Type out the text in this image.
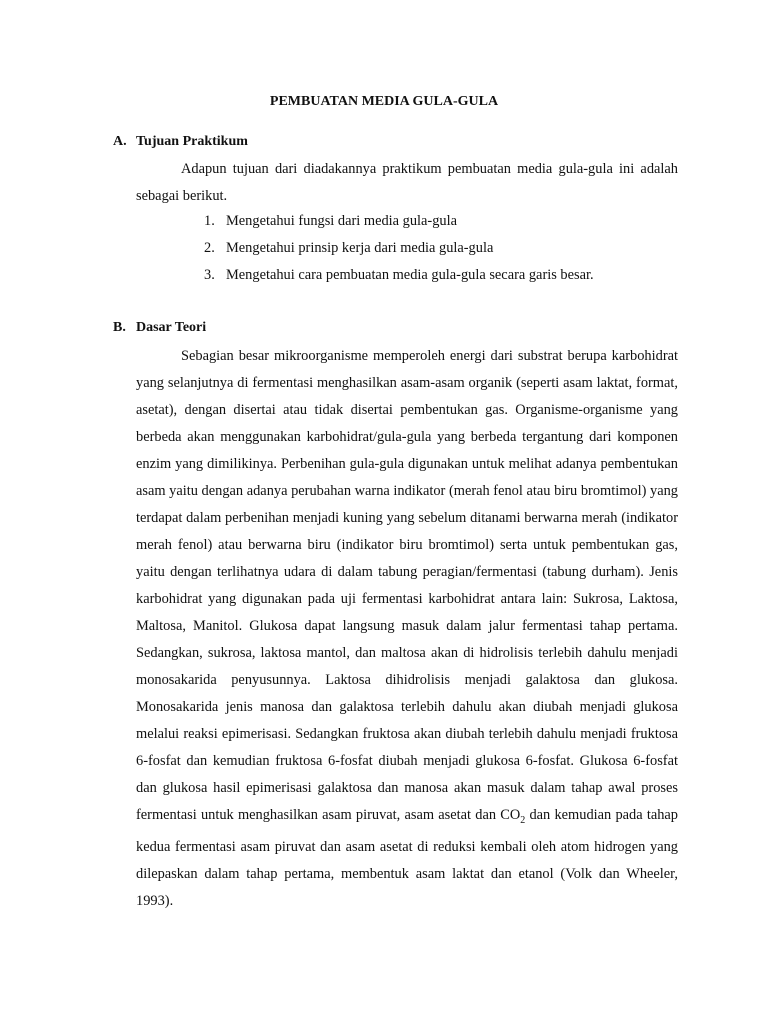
PEMBUATAN MEDIA GULA-GULA
A. Tujuan Praktikum

Adapun tujuan dari diadakannya praktikum pembuatan media gula-gula ini adalah sebagai berikut.

1. Mengetahui fungsi dari media gula-gula
2. Mengetahui prinsip kerja dari media gula-gula
3. Mengetahui cara pembuatan media gula-gula secara garis besar.
B. Dasar Teori

Sebagian besar mikroorganisme memperoleh energi dari substrat berupa karbohidrat yang selanjutnya di fermentasi menghasilkan asam-asam organik (seperti asam laktat, format, asetat), dengan disertai atau tidak disertai pembentukan gas. Organisme-organisme yang berbeda akan menggunakan karbohidrat/gula-gula yang berbeda tergantung dari komponen enzim yang dimilikinya. Perbenihan gula-gula digunakan untuk melihat adanya pembentukan asam yaitu dengan adanya perubahan warna indikator (merah fenol atau biru bromtimol) yang terdapat dalam perbenihan menjadi kuning yang sebelum ditanami berwarna merah (indikator merah fenol) atau berwarna biru (indikator biru bromtimol) serta untuk pembentukan gas, yaitu dengan terlihatnya udara di dalam tabung peragian/fermentasi (tabung durham). Jenis karbohidrat yang digunakan pada uji fermentasi karbohidrat antara lain: Sukrosa, Laktosa, Maltosa, Manitol. Glukosa dapat langsung masuk dalam jalur fermentasi tahap pertama. Sedangkan, sukrosa, laktosa mantol, dan maltosa akan di hidrolisis terlebih dahulu menjadi monosakarida penyusunnya. Laktosa dihidrolisis menjadi galaktosa dan glukosa. Monosakarida jenis manosa dan galaktosa terlebih dahulu akan diubah menjadi glukosa melalui reaksi epimerisasi. Sedangkan fruktosa akan diubah terlebih dahulu menjadi fruktosa 6-fosfat dan kemudian fruktosa 6-fosfat diubah menjadi glukosa 6-fosfat. Glukosa 6-fosfat dan glukosa hasil epimerisasi galaktosa dan manosa akan masuk dalam tahap awal proses fermentasi untuk menghasilkan asam piruvat, asam asetat dan $CO_2$ dan kemudian pada tahap kedua fermentasi asam piruvat dan asam asetat di reduksi kembali oleh atom hidrogen yang dilepaskan dalam tahap pertama, membentuk asam laktat dan etanol (Volk dan Wheeler, 1993).
